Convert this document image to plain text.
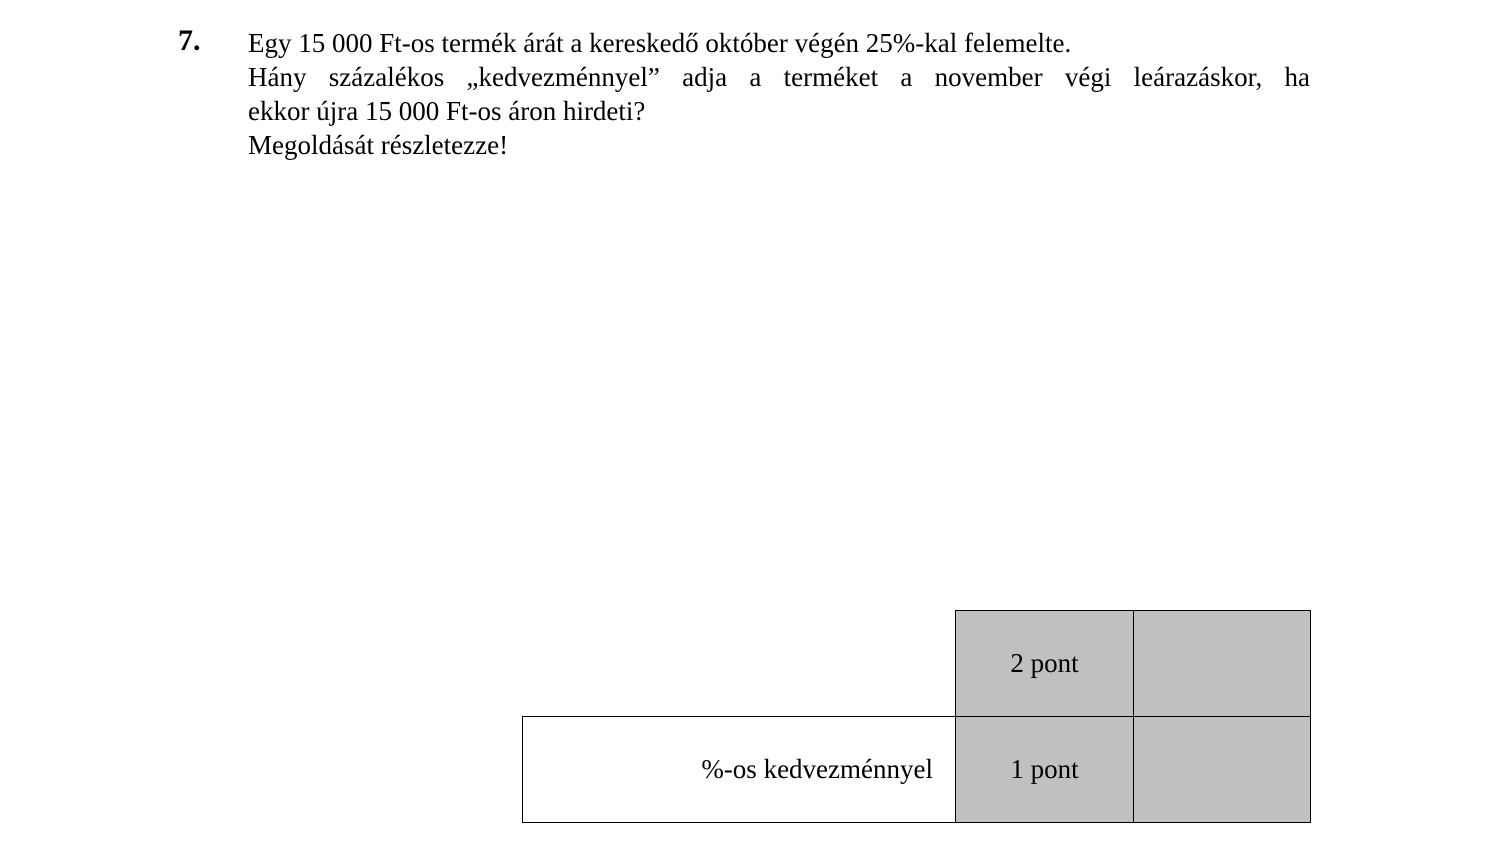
7. Egy 15 000 Ft-os termék árát a kereskedő október végén 25%-kal felemelte.
Hány százalékos „kedvezménnyel” adja a terméket a november végi leárazáskor, ha
ekkor újra 15 000 Ft-os áron hirdeti?
Megoldását részletezze!
2 pont
%-os kedvezménnyel	1 pont
